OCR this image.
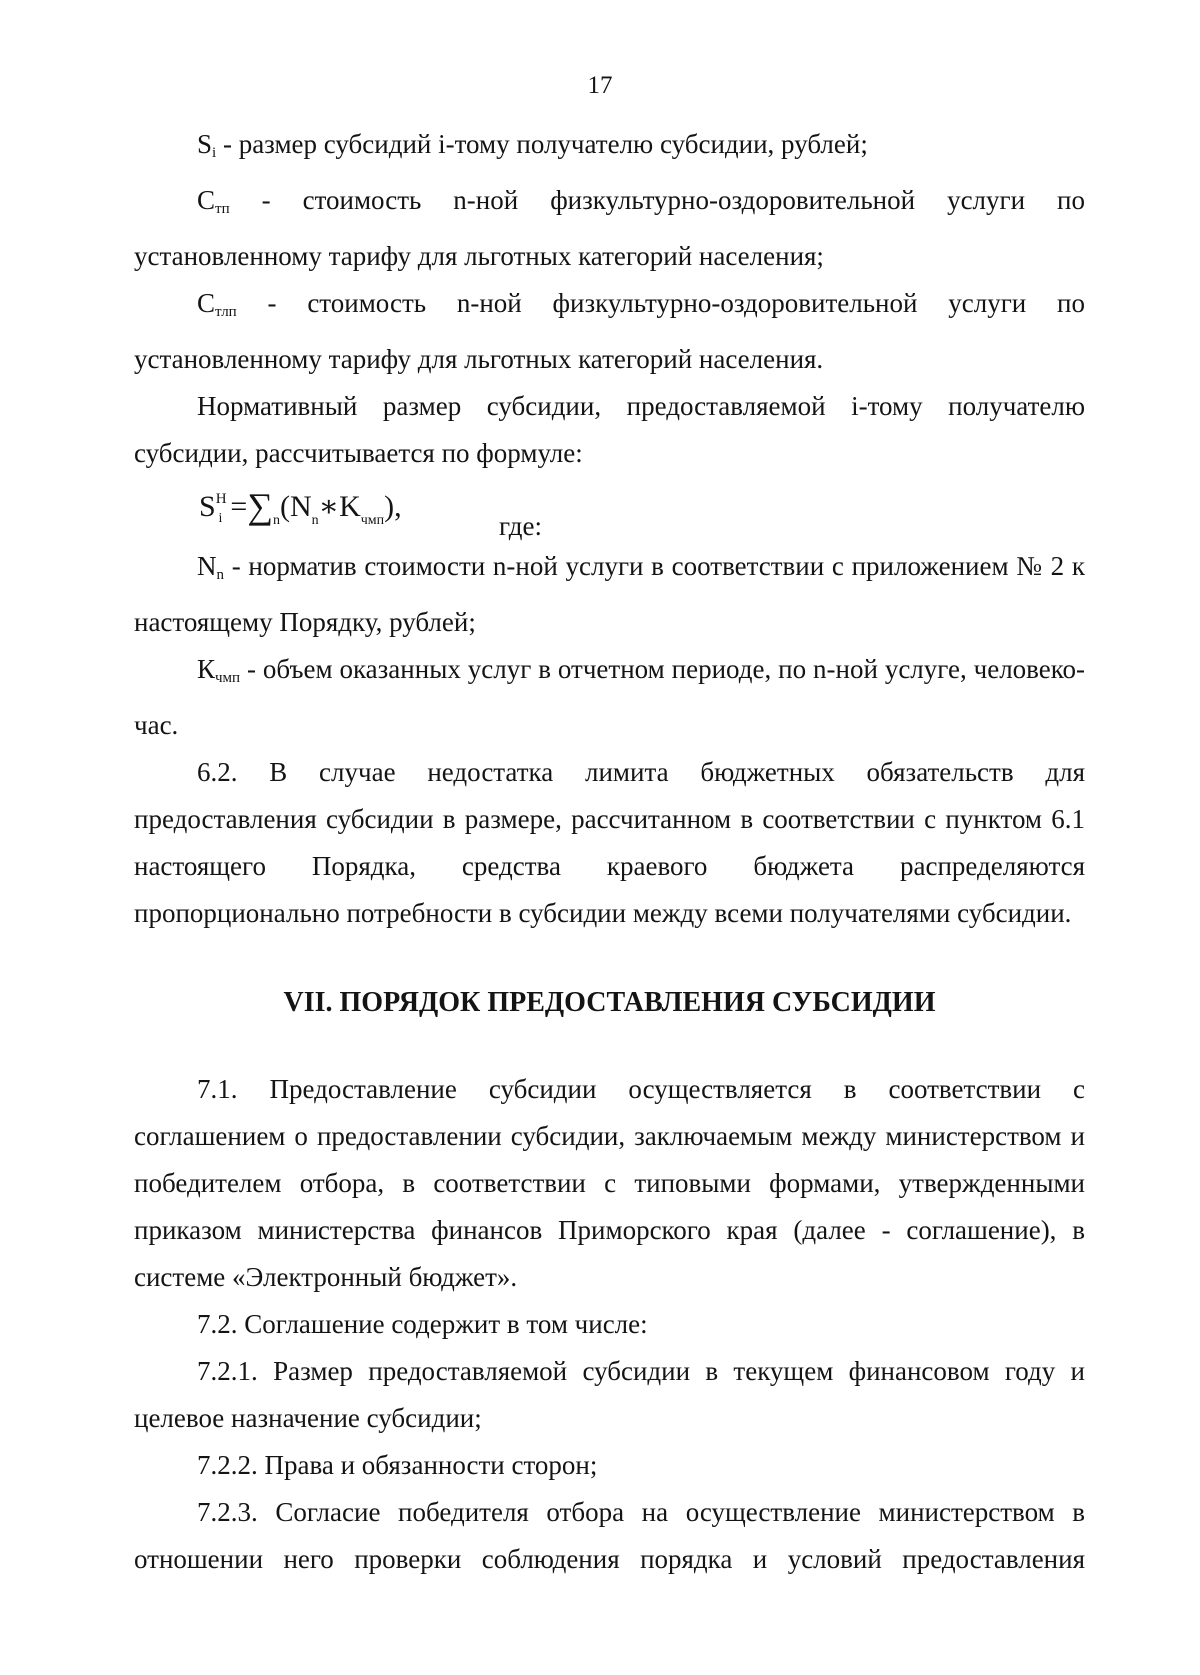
17

$S_i$ - размер субсидий i-тому получателю субсидии, рублей;

$С_{тп}$ - стоимость n-ной физкультурно-оздоровительной услуги по установленному тарифу для льготных категорий населения;

$С_{тлп}$ - стоимость n-ной физкультурно-оздоровительной услуги по установленному тарифу для льготных категорий населения.

Нормативный размер субсидии, предоставляемой i-тому получателю субсидии, рассчитывается по формуле:

$S^Н_i$ $=\sum_n(N_n∗K_{чмп})$,
где:

$N_n$ - норматив стоимости n-ной услуги в соответствии с приложением № 2 к настоящему Порядку, рублей;

$К_{чмп}$ - объем оказанных услуг в отчетном периоде, по n-ной услуге, человеко-час.

6.2. В случае недостатка лимита бюджетных обязательств для предоставления субсидии в размере, рассчитанном в соответствии с пунктом 6.1 настоящего Порядка, средства краевого бюджета распределяются пропорционально потребности в субсидии между всеми получателями субсидии.

VII. ПОРЯДОК ПРЕДОСТАВЛЕНИЯ СУБСИДИИ

7.1. Предоставление субсидии осуществляется в соответствии с соглашением о предоставлении субсидии, заключаемым между министерством и победителем отбора, в соответствии с типовыми формами, утвержденными приказом министерства финансов Приморского края (далее - соглашение), в системе «Электронный бюджет».

7.2. Соглашение содержит в том числе:

7.2.1. Размер предоставляемой субсидии в текущем финансовом году и целевое назначение субсидии;

7.2.2. Права и обязанности сторон;

7.2.3. Согласие победителя отбора на осуществление министерством в отношении него проверки соблюдения порядка и условий предоставления
